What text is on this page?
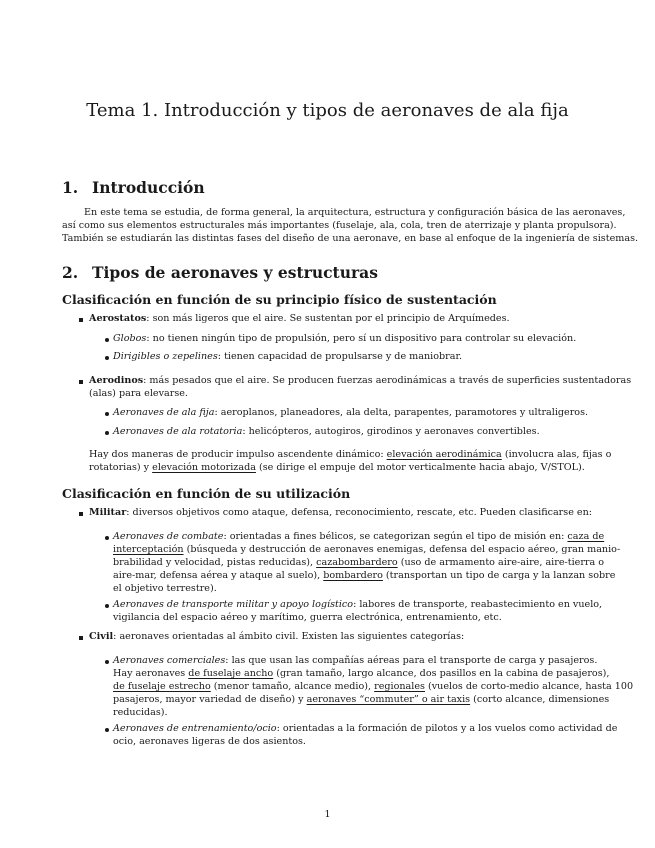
Tema 1. Introducción y tipos de aeronaves de ala fija
1. Introducción
En este tema se estudia, de forma general, la arquitectura, estructura y configuración básica de las aeronaves,
así como sus elementos estructurales más importantes (fuselaje, ala, cola, tren de aterrizaje y planta propulsora).
También se estudiarán las distintas fases del diseño de una aeronave, en base al enfoque de la ingeniería de sistemas.
2. Tipos de aeronaves y estructuras
Clasificación en función de su principio físico de sustentación
Aerostatos: son más ligeros que el aire. Se sustentan por el principio de Arquímedes.
Globos: no tienen ningún tipo de propulsión, pero sí un dispositivo para controlar su elevación.
Dirigibles o zepelines: tienen capacidad de propulsarse y de maniobrar.
Aerodinos: más pesados que el aire. Se producen fuerzas aerodinámicas a través de superficies sustentadoras
(alas) para elevarse.
Aeronaves de ala fija: aeroplanos, planeadores, ala delta, parapentes, paramotores y ultraligeros.
Aeronaves de ala rotatoria: helicópteros, autogiros, girodinos y aeronaves convertibles.
Hay dos maneras de producir impulso ascendente dinámico: elevación aerodinámica (involucra alas, fijas o
rotatorias) y elevación motorizada (se dirige el empuje del motor verticalmente hacia abajo, V/STOL).
Clasificación en función de su utilización
Militar: diversos objetivos como ataque, defensa, reconocimiento, rescate, etc. Pueden clasificarse en:
Aeronaves de combate: orientadas a fines bélicos, se categorizan según el tipo de misión en: caza de
interceptación (búsqueda y destrucción de aeronaves enemigas, defensa del espacio aéreo, gran manio-
brabilidad y velocidad, pistas reducidas), cazabombardero (uso de armamento aire-aire, aire-tierra o
aire-mar, defensa aérea y ataque al suelo), bombardero (transportan un tipo de carga y la lanzan sobre
el objetivo terrestre).
Aeronaves de transporte militar y apoyo logístico: labores de transporte, reabastecimiento en vuelo,
vigilancia del espacio aéreo y marítimo, guerra electrónica, entrenamiento, etc.
Civil: aeronaves orientadas al ámbito civil. Existen las siguientes categorías:
Aeronaves comerciales: las que usan las compañías aéreas para el transporte de carga y pasajeros.
Hay aeronaves de fuselaje ancho (gran tamaño, largo alcance, dos pasillos en la cabina de pasajeros),
de fuselaje estrecho (menor tamaño, alcance medio), regionales (vuelos de corto-medio alcance, hasta 100
pasajeros, mayor variedad de diseño) y aeronaves “commuter” o air taxis (corto alcance, dimensiones
reducidas).
Aeronaves de entrenamiento/ocio: orientadas a la formación de pilotos y a los vuelos como actividad de
ocio, aeronaves ligeras de dos asientos.
1
